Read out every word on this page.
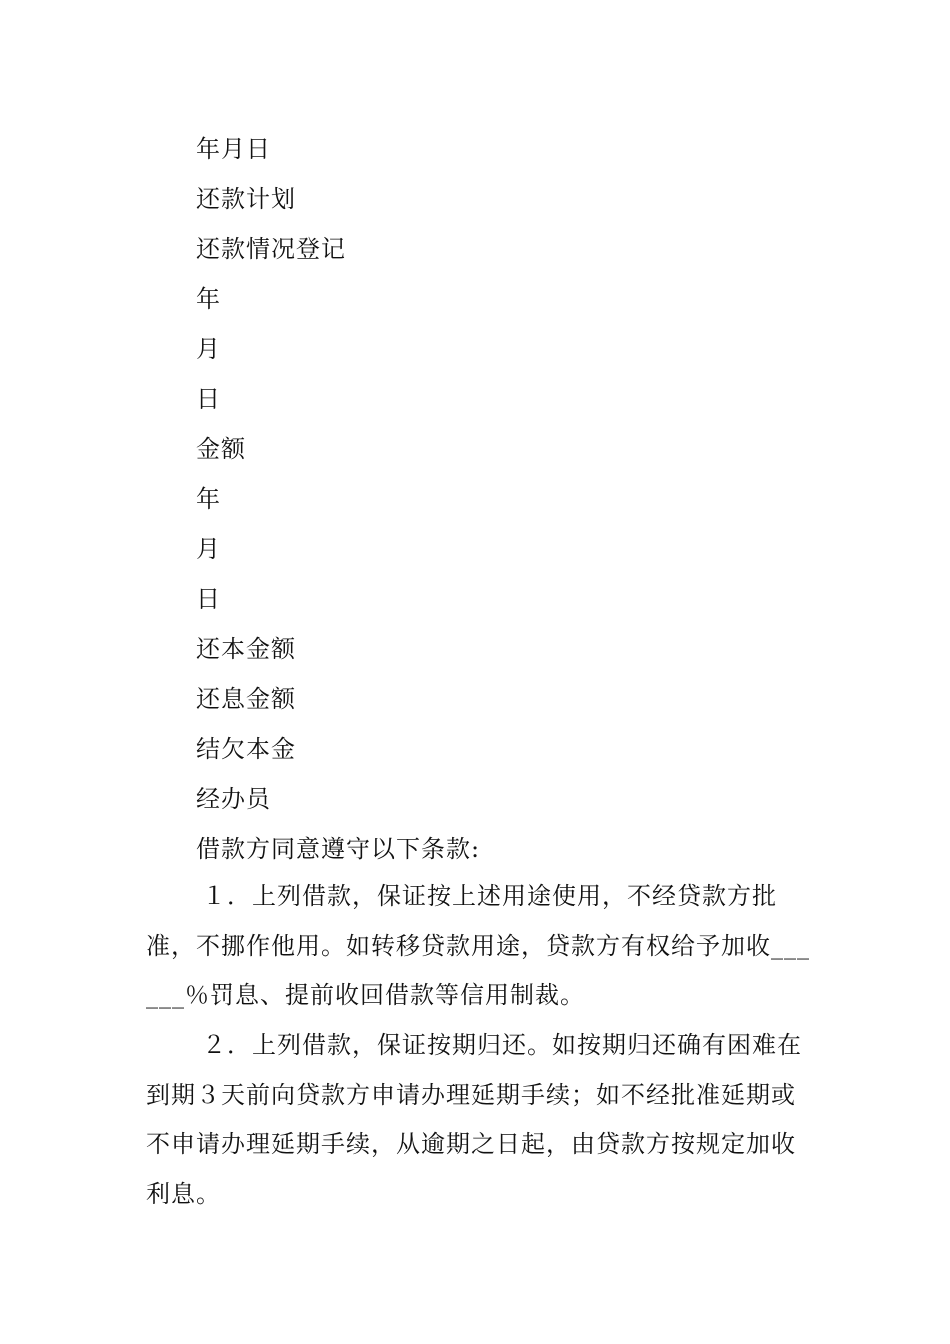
年月日
还款计划
还款情况登记
年
月
日
金额
年
月
日
还本金额
还息金额
结欠本金
经办员
借款方同意遵守以下条款:
１．上列借款，保证按上述用途使用，不经贷款方批准，不挪作他用。如转移贷款用途，贷款方有权给予加收______％罚息、提前收回借款等信用制裁。
２．上列借款，保证按期归还。如按期归还确有困难在到期３天前向贷款方申请办理延期手续；如不经批准延期或不申请办理延期手续，从逾期之日起，由贷款方按规定加收利息。
